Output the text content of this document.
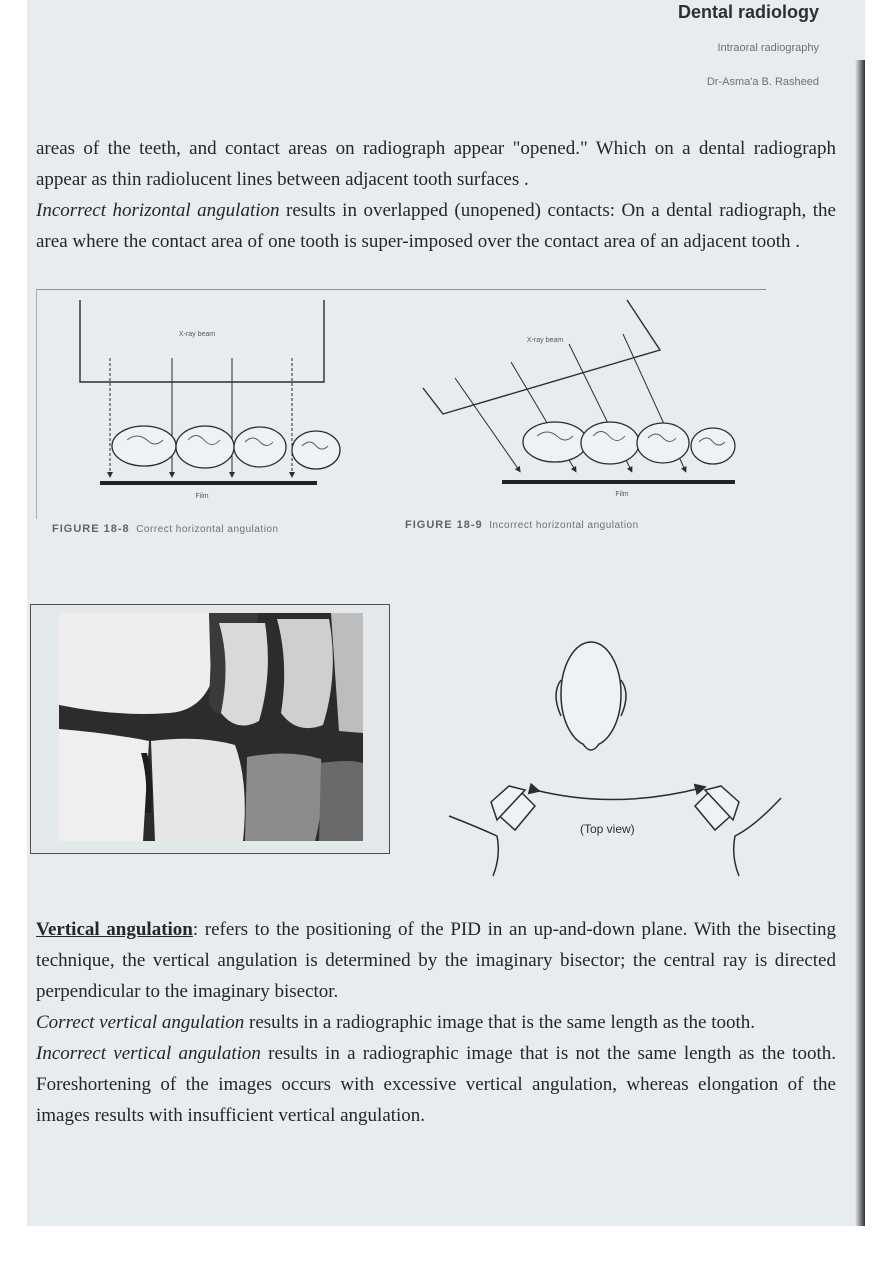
Dental radiology
Intraoral radiography
Dr-Asma'a B. Rasheed

areas of the teeth, and contact areas on radiograph appear "opened." Which on a dental radiograph appear as thin radiolucent lines between adjacent tooth surfaces .

Incorrect horizontal angulation results in overlapped (unopened) contacts: On a dental radiograph, the area where the contact area of one tooth is super-imposed over the contact area of an adjacent tooth .

X-ray beam
Film
FIGURE 18-8 Correct horizontal angulation
X-ray beam
Film
FIGURE 18-9 Incorrect horizontal angulation
(Top view)

Vertical angulation: refers to the positioning of the PID in an up-and-down plane. With the bisecting technique, the vertical angulation is determined by the imaginary bisector; the central ray is directed perpendicular to the imaginary bisector.

Correct vertical angulation results in a radiographic image that is the same length as the tooth.

Incorrect vertical angulation results in a radiographic image that is not the same length as the tooth. Foreshortening of the images occurs with excessive vertical angulation, whereas elongation of the images results with insufficient vertical angulation.
